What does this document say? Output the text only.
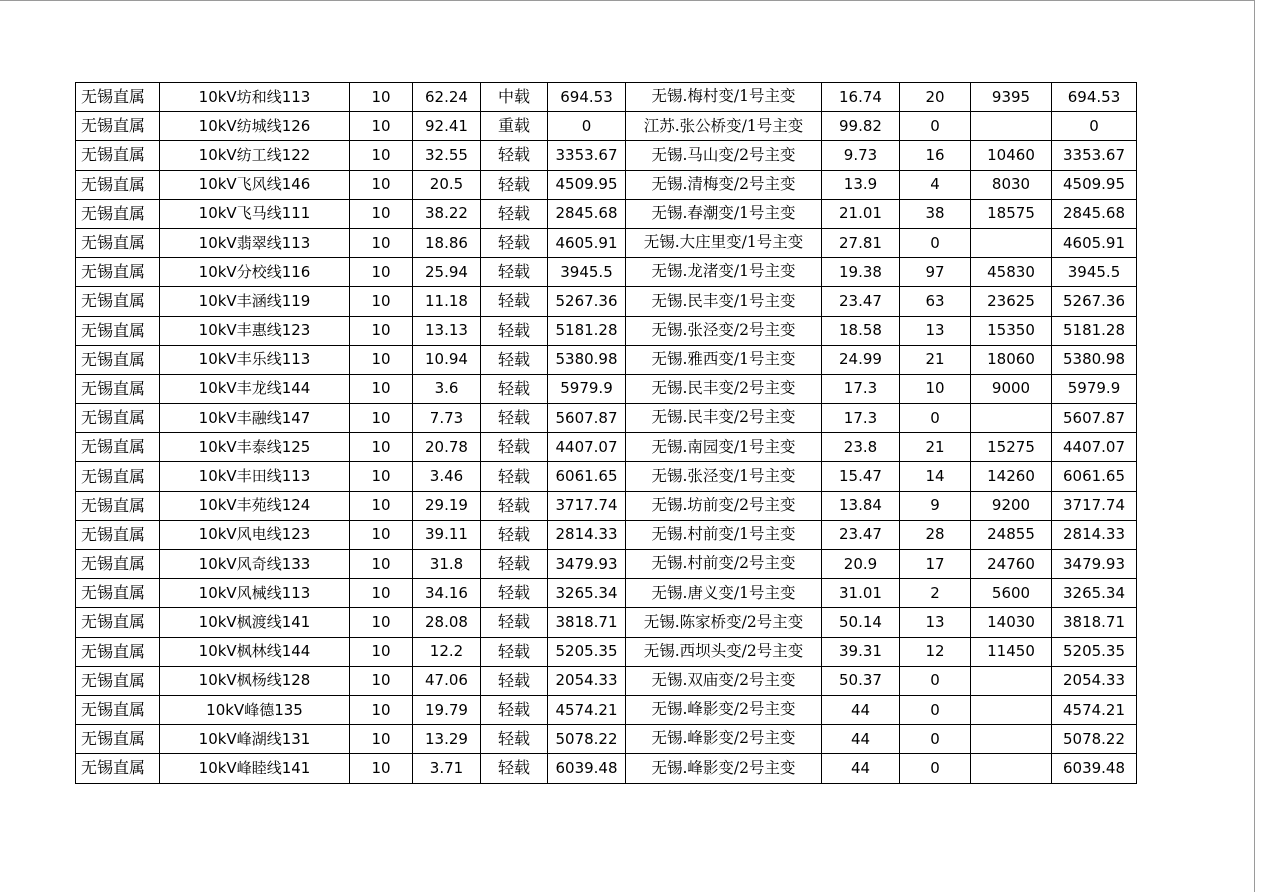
无锡直属	10kV坊和线113	10	62.24	中载	694.53	无锡.梅村变/1号主变	16.74	20	9395	694.53
无锡直属	10kV纺城线126	10	92.41	重载	0	江苏.张公桥变/1号主变	99.82	0		0
无锡直属	10kV纺工线122	10	32.55	轻载	3353.67	无锡.马山变/2号主变	9.73	16	10460	3353.67
无锡直属	10kV飞风线146	10	20.5	轻载	4509.95	无锡.清梅变/2号主变	13.9	4	8030	4509.95
无锡直属	10kV飞马线111	10	38.22	轻载	2845.68	无锡.春潮变/1号主变	21.01	38	18575	2845.68
无锡直属	10kV翡翠线113	10	18.86	轻载	4605.91	无锡.大庄里变/1号主变	27.81	0		4605.91
无锡直属	10kV分校线116	10	25.94	轻载	3945.5	无锡.龙渚变/1号主变	19.38	97	45830	3945.5
无锡直属	10kV丰涵线119	10	11.18	轻载	5267.36	无锡.民丰变/1号主变	23.47	63	23625	5267.36
无锡直属	10kV丰惠线123	10	13.13	轻载	5181.28	无锡.张泾变/2号主变	18.58	13	15350	5181.28
无锡直属	10kV丰乐线113	10	10.94	轻载	5380.98	无锡.雅西变/1号主变	24.99	21	18060	5380.98
无锡直属	10kV丰龙线144	10	3.6	轻载	5979.9	无锡.民丰变/2号主变	17.3	10	9000	5979.9
无锡直属	10kV丰融线147	10	7.73	轻载	5607.87	无锡.民丰变/2号主变	17.3	0		5607.87
无锡直属	10kV丰泰线125	10	20.78	轻载	4407.07	无锡.南园变/1号主变	23.8	21	15275	4407.07
无锡直属	10kV丰田线113	10	3.46	轻载	6061.65	无锡.张泾变/1号主变	15.47	14	14260	6061.65
无锡直属	10kV丰苑线124	10	29.19	轻载	3717.74	无锡.坊前变/2号主变	13.84	9	9200	3717.74
无锡直属	10kV风电线123	10	39.11	轻载	2814.33	无锡.村前变/1号主变	23.47	28	24855	2814.33
无锡直属	10kV风奇线133	10	31.8	轻载	3479.93	无锡.村前变/2号主变	20.9	17	24760	3479.93
无锡直属	10kV风械线113	10	34.16	轻载	3265.34	无锡.唐义变/1号主变	31.01	2	5600	3265.34
无锡直属	10kV枫渡线141	10	28.08	轻载	3818.71	无锡.陈家桥变/2号主变	50.14	13	14030	3818.71
无锡直属	10kV枫林线144	10	12.2	轻载	5205.35	无锡.西坝头变/2号主变	39.31	12	11450	5205.35
无锡直属	10kV枫杨线128	10	47.06	轻载	2054.33	无锡.双庙变/2号主变	50.37	0		2054.33
无锡直属	10kV峰德135	10	19.79	轻载	4574.21	无锡.峰影变/2号主变	44	0		4574.21
无锡直属	10kV峰湖线131	10	13.29	轻载	5078.22	无锡.峰影变/2号主变	44	0		5078.22
无锡直属	10kV峰睦线141	10	3.71	轻载	6039.48	无锡.峰影变/2号主变	44	0		6039.48
